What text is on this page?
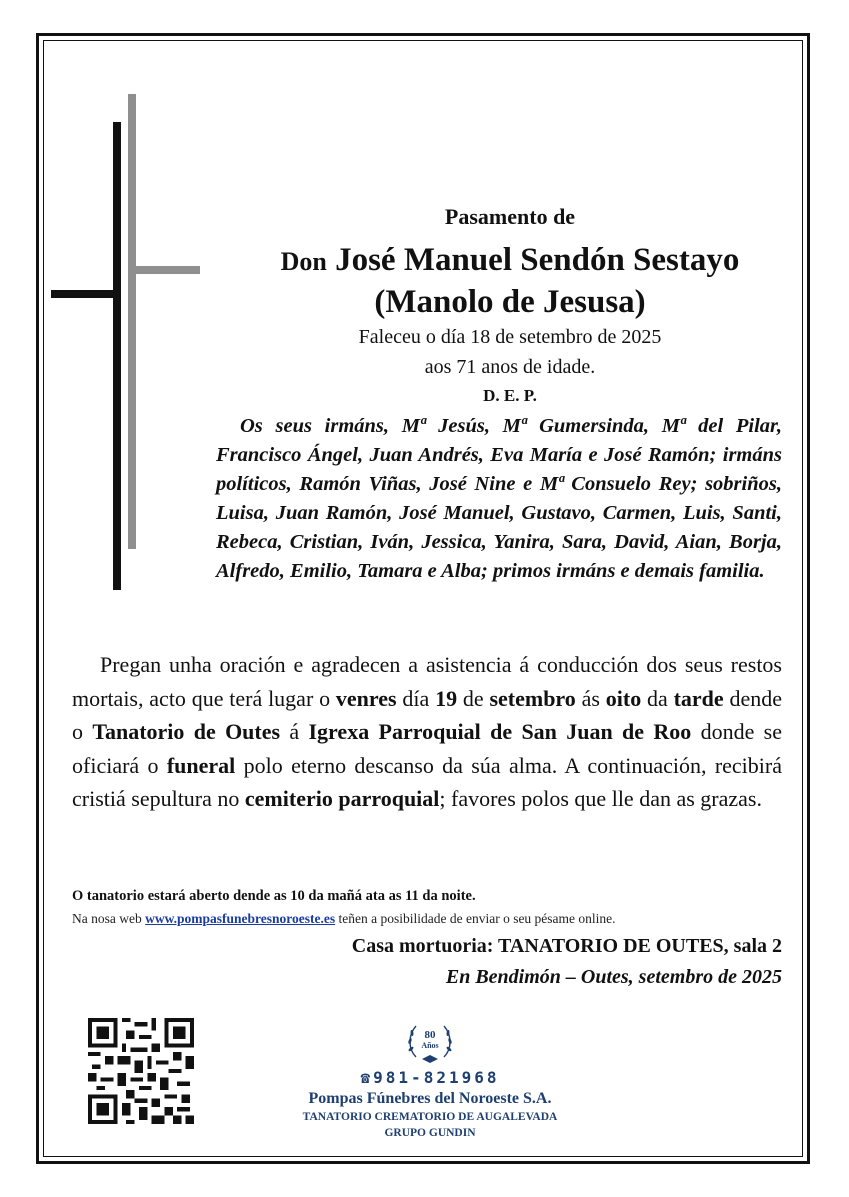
Pasamento de
Don José Manuel Sendón Sestayo
(Manolo de Jesusa)
Faleceu o día 18 de setembro de 2025
aos 71 anos de idade.
D. E. P.

Os seus irmáns, Mª Jesús, Mª Gumersinda, Mª del Pilar, Francisco Ángel, Juan Andrés, Eva María e José Ramón; irmáns políticos, Ramón Viñas, José Nine e Mª Consuelo Rey; sobriños, Luisa, Juan Ramón, José Manuel, Gustavo, Carmen, Luis, Santi, Rebeca, Cristian, Iván, Jessica, Yanira, Sara, David, Aian, Borja, Alfredo, Emilio, Tamara e Alba; primos irmáns e demais familia.

Pregan unha oración e agradecen a asistencia á conducción dos seus restos mortais, acto que terá lugar o venres día 19 de setembro ás oito da tarde dende o Tanatorio de Outes á Igrexa Parroquial de San Juan de Roo donde se oficiará o funeral polo eterno descanso da súa alma. A continuación, recibirá cristiá sepultura no cemiterio parroquial; favores polos que lle dan as grazas.

O tanatorio estará aberto dende as 10 da mañá ata as 11 da noite.

Na nosa web www.pompasfunebresnoroeste.es teñen a posibilidade de enviar o seu pésame online.

Casa mortuoria: TANATORIO DE OUTES, sala 2

En Bendimón – Outes, setembro de 2025

80
Años

☎981-821968

Pompas Fúnebres del Noroeste S.A.

TANATORIO CREMATORIO DE AUGALEVADA

GRUPO GUNDIN
